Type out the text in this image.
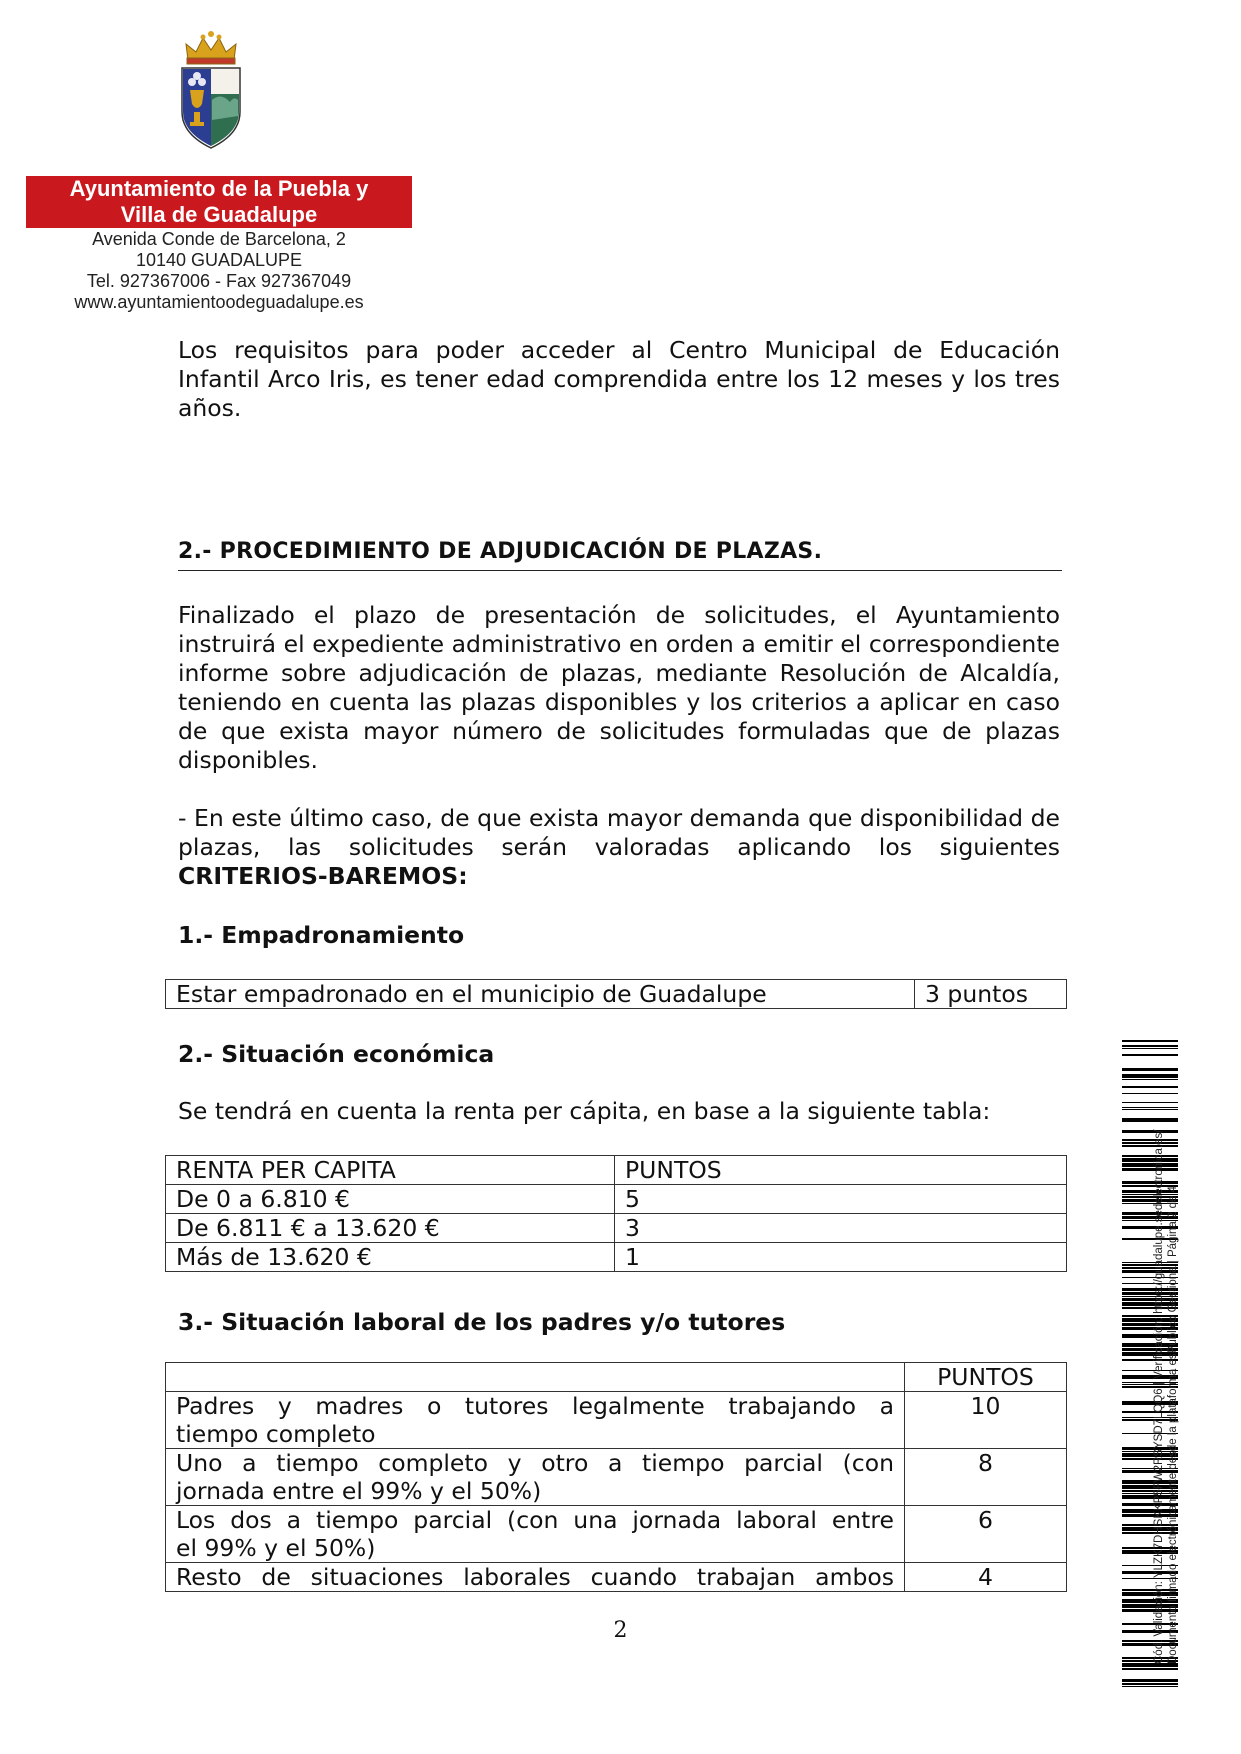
Ayuntamiento de la Puebla y
Villa de Guadalupe
Avenida Conde de Barcelona, 2
10140 GUADALUPE
Tel. 927367006 - Fax 927367049
www.ayuntamientoodeguadalupe.es
Los requisitos para poder acceder al Centro Municipal de Educación Infantil Arco Iris, es tener edad comprendida entre los 12 meses y los tres años.
2.- PROCEDIMIENTO DE ADJUDICACIÓN DE PLAZAS.
Finalizado el plazo de presentación de solicitudes, el Ayuntamiento instruirá el expediente administrativo en orden a emitir el correspondiente informe sobre adjudicación de plazas, mediante Resolución de Alcaldía, teniendo en cuenta las plazas disponibles y los criterios a aplicar en caso de que exista mayor número de solicitudes formuladas que de plazas disponibles.
- En este último caso, de que exista mayor demanda que disponibilidad de plazas, las solicitudes serán valoradas aplicando los siguientes CRITERIOS-BAREMOS:
1.- Empadronamiento
Estar empadronado en el municipio de Guadalupe	3 puntos
2.- Situación económica
Se tendrá en cuenta la renta per cápita, en base a la siguiente tabla:
RENTA PER CAPITA	PUNTOS
De 0 a 6.810 €	5
De 6.811 € a 13.620 €	3
Más de 13.620 €	1
3.- Situación laboral de los padres y/o tutores
	PUNTOS
Padres y madres o tutores legalmente trabajando a
tiempo completo	10
Uno a tiempo completo y otro a tiempo parcial (con
jornada entre el 99% y el 50%)	8
Los dos a tiempo parcial (con una jornada laboral entre
el 99% y el 50%)	6
Resto de situaciones laborales cuando trabajan ambos	4
2	Cód. Validación: YLZK7DHSKKP5FW2RSYSD7LQQ6 | Verificación: https://guadalupe.sedelectronica.es/ Documento firmado electrónicamente desde la plataforma esPublico Gestiona | Página 2 de 4
